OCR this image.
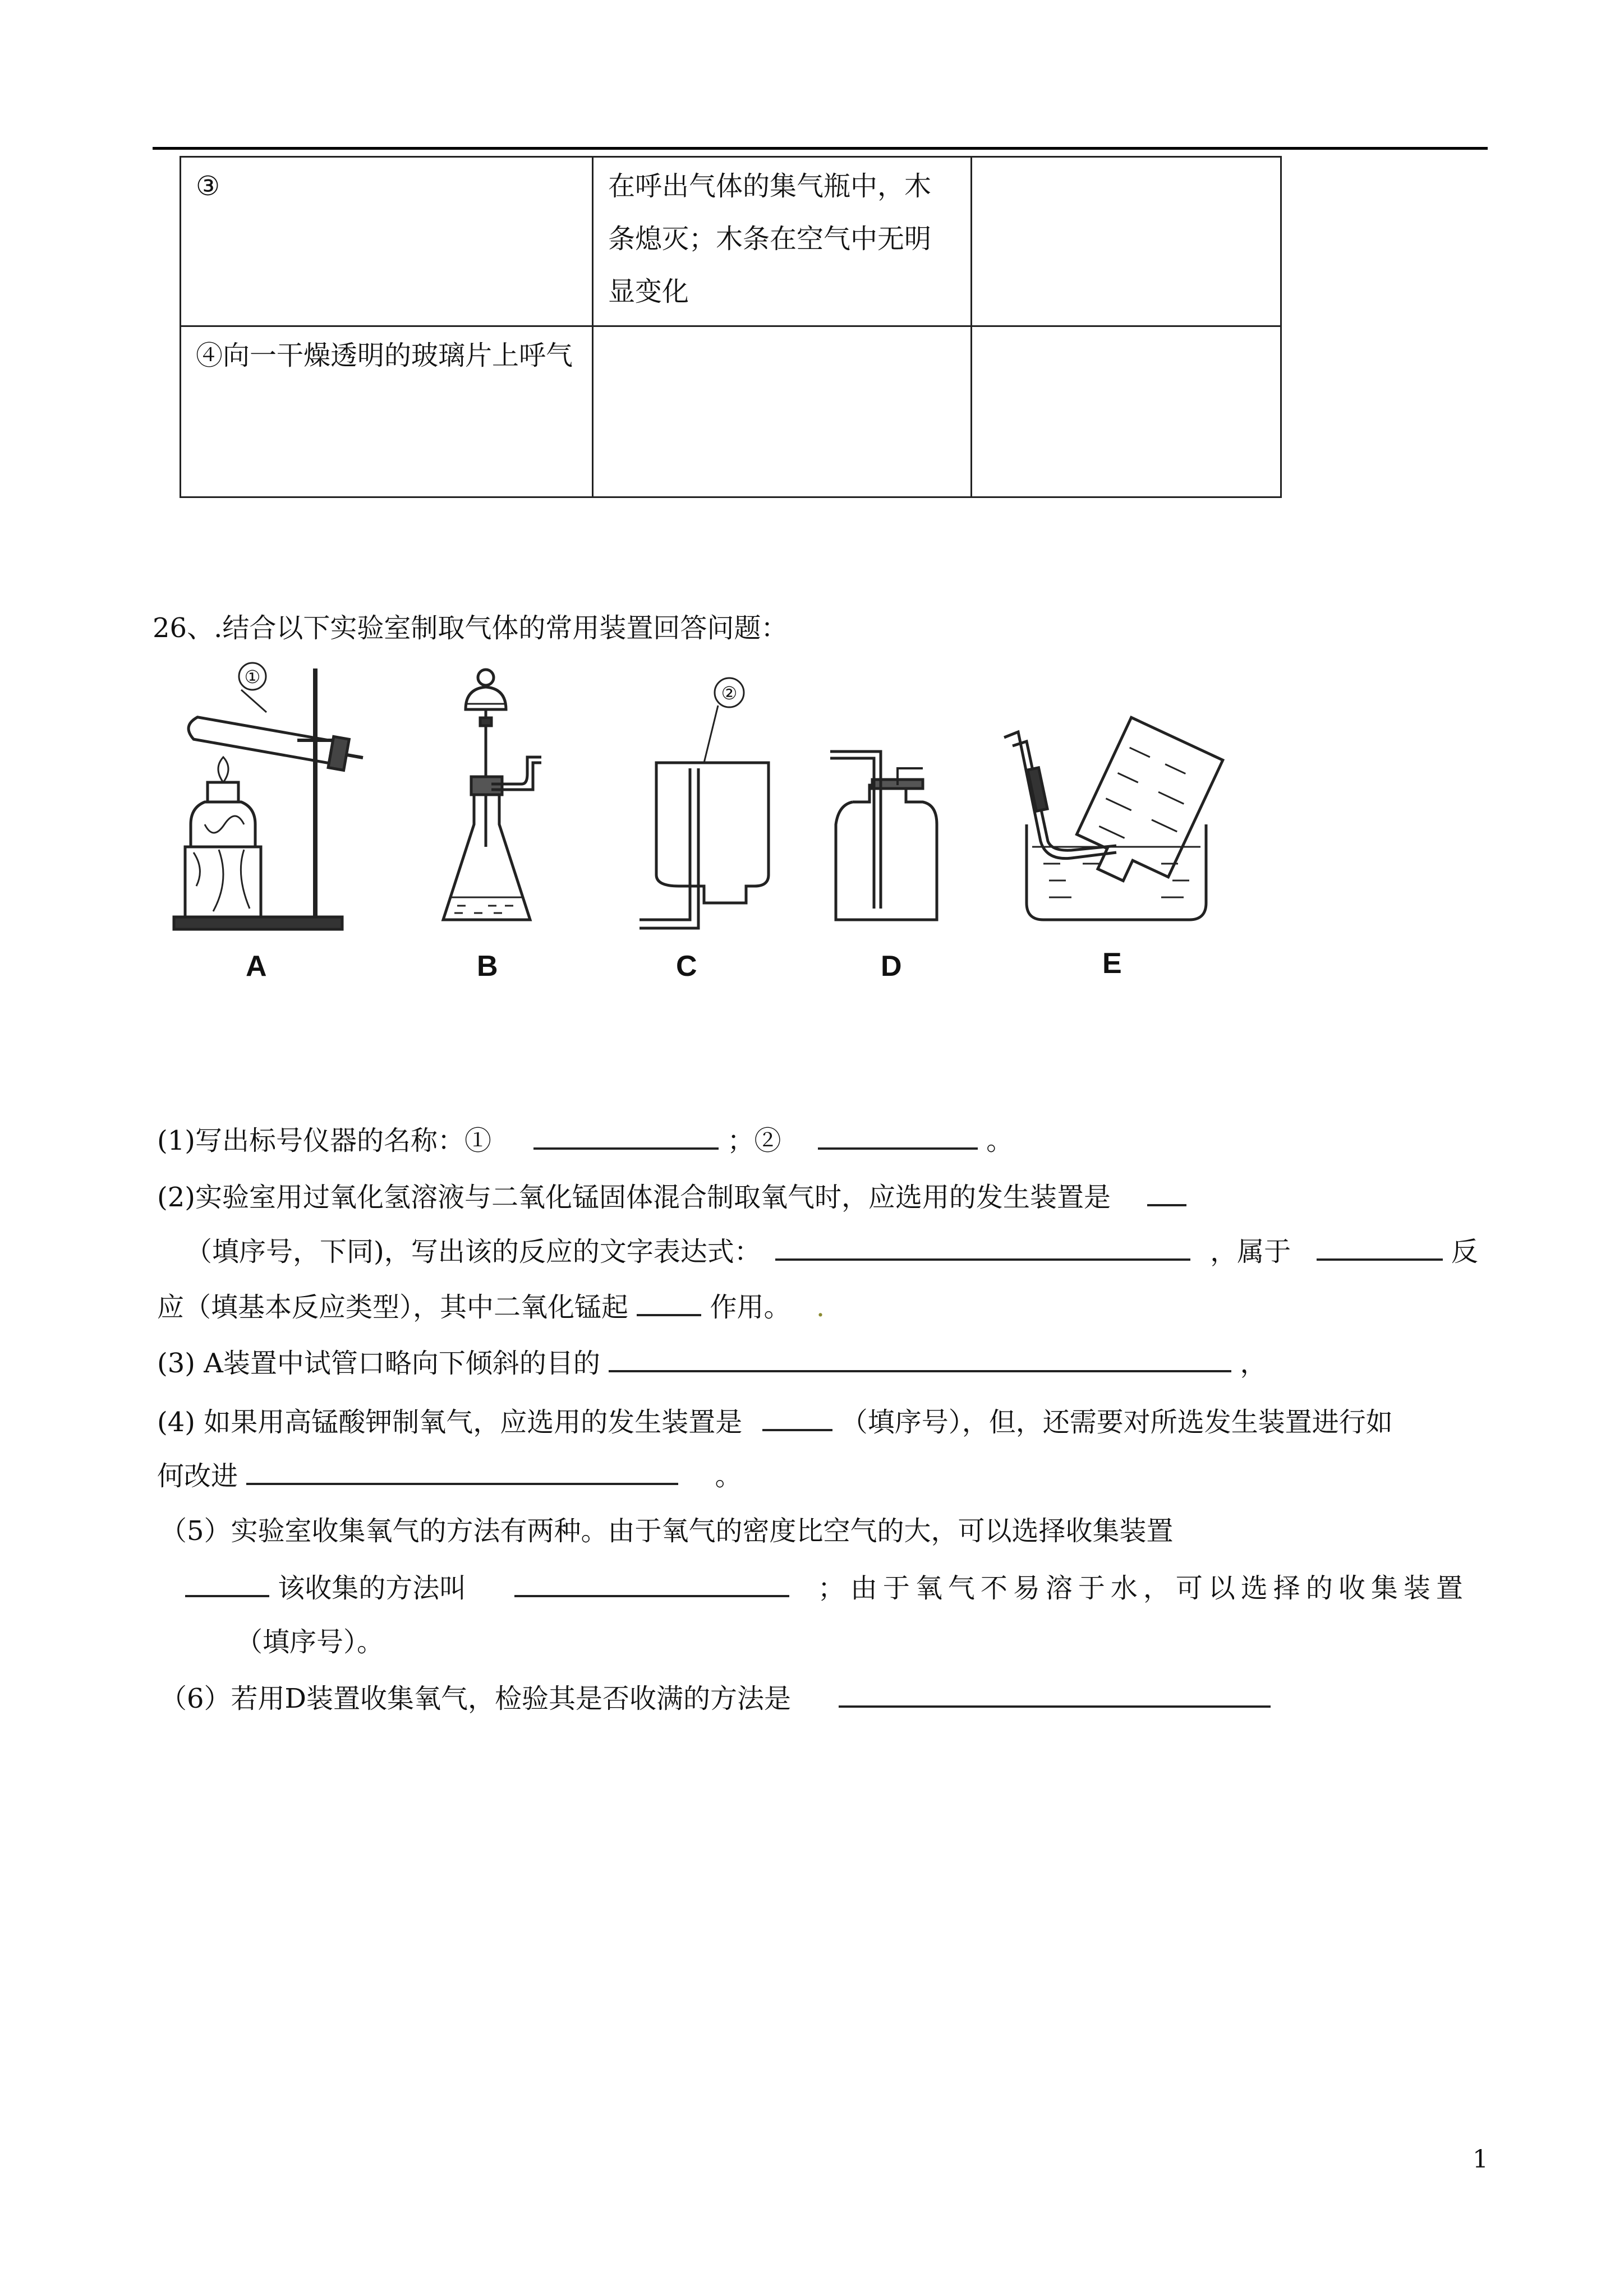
③	在呼出气体的集气瓶中，木条熄灭；木条在空气中无明显变化	
④向一干燥透明的玻璃片上呼气		
26、.结合以下实验室制取气体的常用装置回答问题：
A	B	C	D	E
①
②
(1)写出标号仪器的名称：①	；②	。
(2)实验室用过氧化氢溶液与二氧化锰固体混合制取氧气时，应选用的发生装置是
（填序号，下同)，写出该的反应的文字表达式：	，属于	反
应（填基本反应类型），其中二氧化锰起	作用。 .
(3) A装置中试管口略向下倾斜的目的	，
(4) 如果用高锰酸钾制氧气，应选用的发生装置是	（填序号），但，还需要对所选发生装置进行如
何改进	。
（5）实验室收集氧气的方法有两种。由于氧气的密度比空气的大，可以选择收集装置
该收集的方法叫	；由于氧气不易溶于水，可以选择的收集装置
（填序号）。
（6）若用D装置收集氧气，检验其是否收满的方法是
1
